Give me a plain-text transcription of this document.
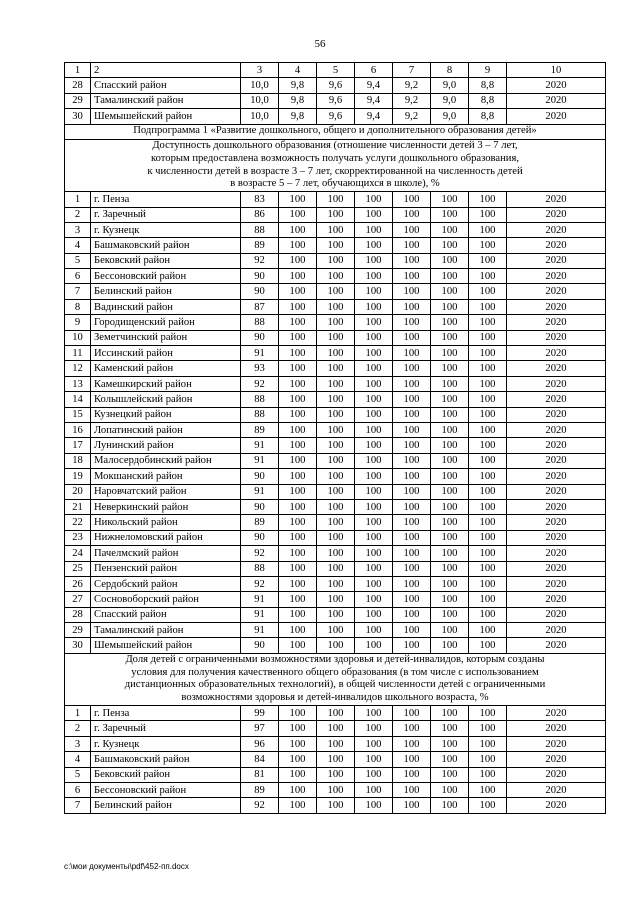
56
1	2	3	4	5	6	7	8	9	10
28	Спасский район	10,0	9,8	9,6	9,4	9,2	9,0	8,8	2020
29	Тамалинский район	10,0	9,8	9,6	9,4	9,2	9,0	8,8	2020
30	Шемышейский район	10,0	9,8	9,6	9,4	9,2	9,0	8,8	2020

Подпрограмма 1 «Развитие дошкольного, общего и дополнительного образования детей»									

Доступность дошкольного образования (отношение численности детей 3 – 7 лет,
которым предоставлена возможность получать услуги дошкольного образования,
к численности детей в возрасте 3 – 7 лет, скорректированной на численность детей
в возрасте 5 – 7 лет, обучающихся в школе), %									

1	г. Пенза	83	100	100	100	100	100	100	2020
2	г. Заречный	86	100	100	100	100	100	100	2020
3	г. Кузнецк	88	100	100	100	100	100	100	2020
4	Башмаковский район	89	100	100	100	100	100	100	2020
5	Бековский район	92	100	100	100	100	100	100	2020
6	Бессоновский район	90	100	100	100	100	100	100	2020
7	Белинский район	90	100	100	100	100	100	100	2020
8	Вадинский район	87	100	100	100	100	100	100	2020
9	Городищенский район	88	100	100	100	100	100	100	2020
10	Земетчинский район	90	100	100	100	100	100	100	2020
11	Иссинский район	91	100	100	100	100	100	100	2020
12	Каменский район	93	100	100	100	100	100	100	2020
13	Камешкирский район	92	100	100	100	100	100	100	2020
14	Колышлейский район	88	100	100	100	100	100	100	2020
15	Кузнецкий район	88	100	100	100	100	100	100	2020
16	Лопатинский район	89	100	100	100	100	100	100	2020
17	Лунинский район	91	100	100	100	100	100	100	2020
18	Малосердобинский район	91	100	100	100	100	100	100	2020
19	Мокшанский район	90	100	100	100	100	100	100	2020
20	Наровчатский район	91	100	100	100	100	100	100	2020
21	Неверкинский район	90	100	100	100	100	100	100	2020
22	Никольский район	89	100	100	100	100	100	100	2020
23	Нижнеломовский район	90	100	100	100	100	100	100	2020
24	Пачелмский район	92	100	100	100	100	100	100	2020
25	Пензенский район	88	100	100	100	100	100	100	2020
26	Сердобский район	92	100	100	100	100	100	100	2020
27	Сосновоборский район	91	100	100	100	100	100	100	2020
28	Спасский район	91	100	100	100	100	100	100	2020
29	Тамалинский район	91	100	100	100	100	100	100	2020
30	Шемышейский район	90	100	100	100	100	100	100	2020

Доля детей с ограниченными возможностями здоровья и детей-инвалидов, которым созданы
условия для получения качественного общего образования (в том числе с использованием
дистанционных образовательных технологий), в общей численности детей с ограниченными
возможностями здоровья и детей-инвалидов школьного возраста, %									

1	г. Пенза	99	100	100	100	100	100	100	2020
2	г. Заречный	97	100	100	100	100	100	100	2020
3	г. Кузнецк	96	100	100	100	100	100	100	2020
4	Башмаковский район	84	100	100	100	100	100	100	2020
5	Бековский район	81	100	100	100	100	100	100	2020
6	Бессоновский район	89	100	100	100	100	100	100	2020
7	Белинский район	92	100	100	100	100	100	100	2020
c:\мои документы\pdf\452-пп.docx
